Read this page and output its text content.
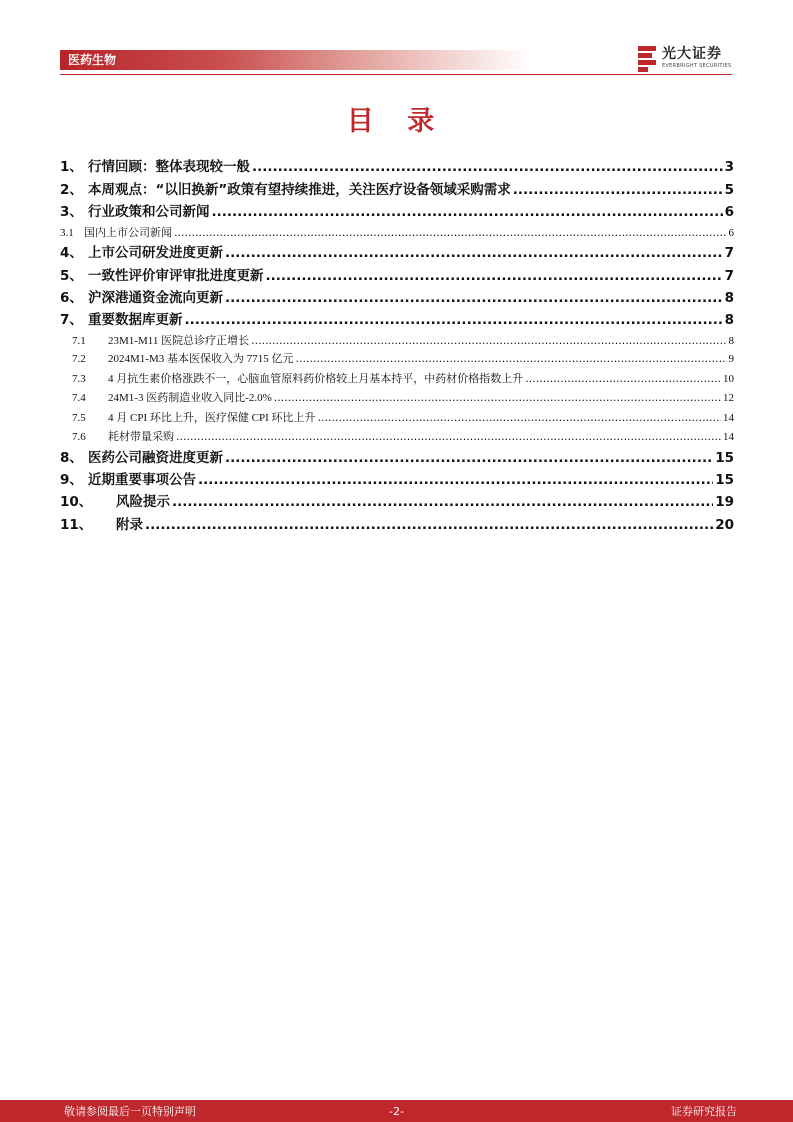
医药生物	光大证券
EVERBRIGHT SECURITIES
目 录
1、 行情回顾：整体表现较一般 .....	3
2、 本周观点：“以旧换新”政策有望持续推进，关注医疗设备领域采购需求 .....	5
3、 行业政策和公司新闻 .....	6
3.1 国内上市公司新闻 .....	6
4、 上市公司研发进度更新 .....	7
5、 一致性评价审评审批进度更新 .....	7
6、 沪深港通资金流向更新 .....	8
7、 重要数据库更新 .....	8
7.1	23M1-M11 医院总诊疗正增长 .....	8
7.2	2024M1-M3 基本医保收入为 7715 亿元 .....	9
7.3	4 月抗生素价格涨跌不一，心脑血管原料药价格较上月基本持平，中药材价格指数上升 .....	10
7.4	24M1-3 医药制造业收入同比-2.0% .....	12
7.5	4 月 CPI 环比上升，医疗保健 CPI 环比上升 .....	14
7.6	耗材带量采购 .....	14
8、 医药公司融资进度更新 .....	15
9、 近期重要事项公告 .....	15
10、	风险提示 .....	19
11、	附录 .....	20
敬请参阅最后一页特别声明	-2-	证券研究报告
